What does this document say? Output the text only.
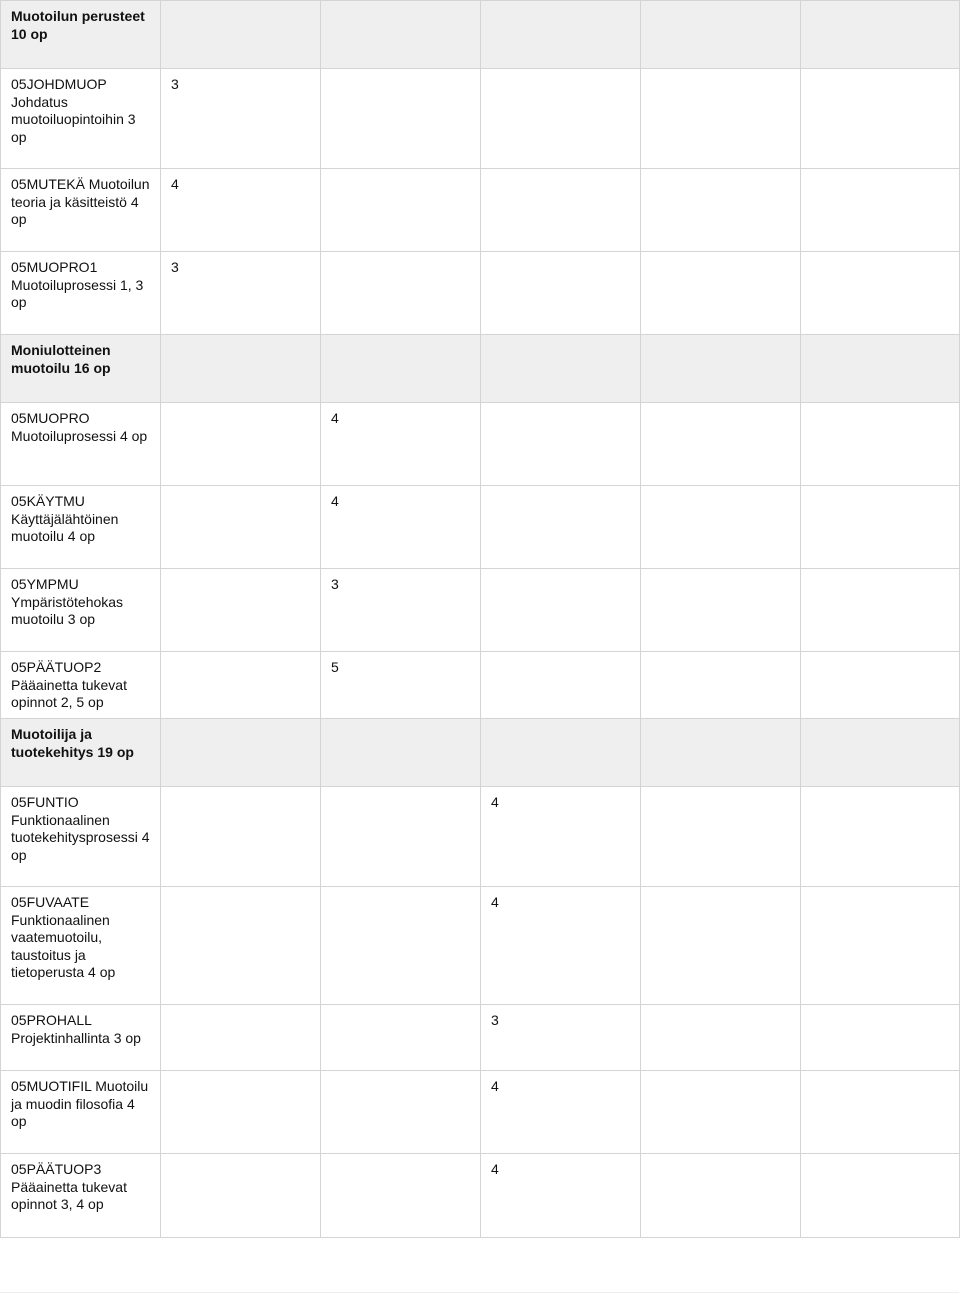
Muotoilun perusteet 10 op					
05JOHDMUOP Johdatus muotoiluopintoihin 3 op	3				
05MUTEKÄ Muotoilun teoria ja käsitteistö 4 op	4				
05MUOPRO1 Muotoiluprosessi 1, 3 op	3				
Moniulotteinen muotoilu 16 op					
05MUOPRO Muotoiluprosessi 4 op		4			
05KÄYTMU Käyttäjälähtöinen muotoilu 4 op		4			
05YMPMU Ympäristötehokas muotoilu 3 op		3			
05PÄÄTUOP2 Pääainetta tukevat opinnot 2, 5 op		5			
Muotoilija ja tuotekehitys 19 op					
05FUNTIO Funktionaalinen tuotekehitysprosessi 4 op			4		
05FUVAATE Funktionaalinen vaatemuotoilu, taustoitus ja tietoperusta 4 op			4		
05PROHALL Projektinhallinta 3 op			3		
05MUOTIFIL Muotoilu ja muodin filosofia 4 op			4		
05PÄÄTUOP3 Pääainetta tukevat opinnot 3, 4 op			4		
